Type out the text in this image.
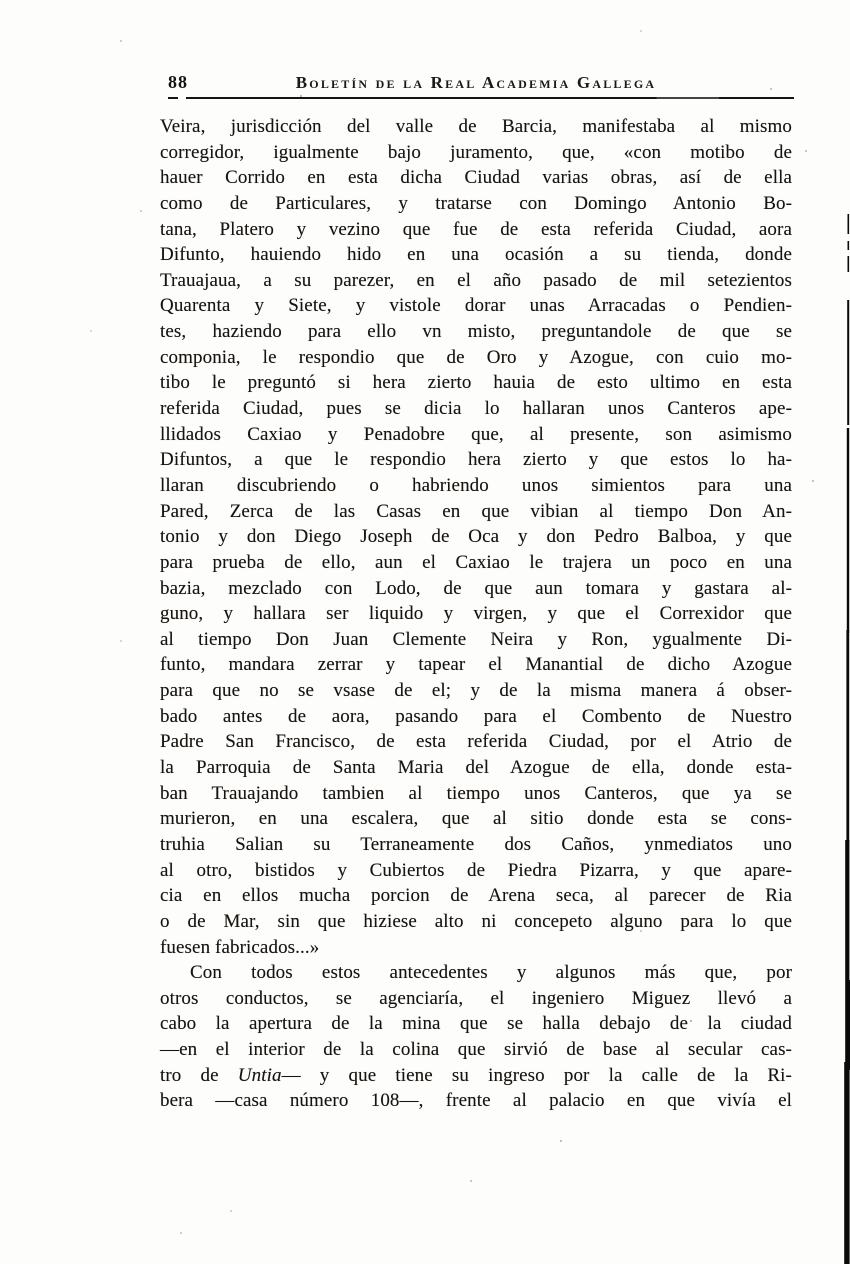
88	Boletín de la Real Academia Gallega
Veira, jurisdicción del valle de Barcia, manifestaba al mismo
corregidor, igualmente bajo juramento, que, «con motibo de
hauer Corrido en esta dicha Ciudad varias obras, así de ella
como de Particulares, y tratarse con Domingo Antonio Bo-
tana, Platero y vezino que fue de esta referida Ciudad, aora
Difunto, hauiendo hido en una ocasión a su tienda, donde
Trauajaua, a su parezer, en el año pasado de mil setezientos
Quarenta y Siete, y vistole dorar unas Arracadas o Pendien-
tes, haziendo para ello vn misto, preguntandole de que se
componia, le respondio que de Oro y Azogue, con cuio mo-
tibo le preguntó si hera zierto hauia de esto ultimo en esta
referida Ciudad, pues se dicia lo hallaran unos Canteros ape-
llidados Caxiao y Penadobre que, al presente, son asimismo
Difuntos, a que le respondio hera zierto y que estos lo ha-
llaran discubriendo o habriendo unos simientos para una
Pared, Zerca de las Casas en que vibian al tiempo Don An-
tonio y don Diego Joseph de Oca y don Pedro Balboa, y que
para prueba de ello, aun el Caxiao le trajera un poco en una
bazia, mezclado con Lodo, de que aun tomara y gastara al-
guno, y hallara ser liquido y virgen, y que el Correxidor que
al tiempo Don Juan Clemente Neira y Ron, ygualmente Di-
funto, mandara zerrar y tapear el Manantial de dicho Azogue
para que no se vsase de el; y de la misma manera á obser-
bado antes de aora, pasando para el Combento de Nuestro
Padre San Francisco, de esta referida Ciudad, por el Atrio de
la Parroquia de Santa Maria del Azogue de ella, donde esta-
ban Trauajando tambien al tiempo unos Canteros, que ya se
murieron, en una escalera, que al sitio donde esta se cons-
truhia Salian su Terraneamente dos Caños, ynmediatos uno
al otro, bistidos y Cubiertos de Piedra Pizarra, y que apare-
cia en ellos mucha porcion de Arena seca, al parecer de Ria
o de Mar, sin que hiziese alto ni concepeto alguno para lo que
fuesen fabricados...»
Con todos estos antecedentes y algunos más que, por
otros conductos, se agenciaría, el ingeniero Miguez llevó a
cabo la apertura de la mina que se halla debajo de la ciudad
—en el interior de la colina que sirvió de base al secular cas-
tro de Untia— y que tiene su ingreso por la calle de la Ri-
bera —casa número 108—, frente al palacio en que vivía el
